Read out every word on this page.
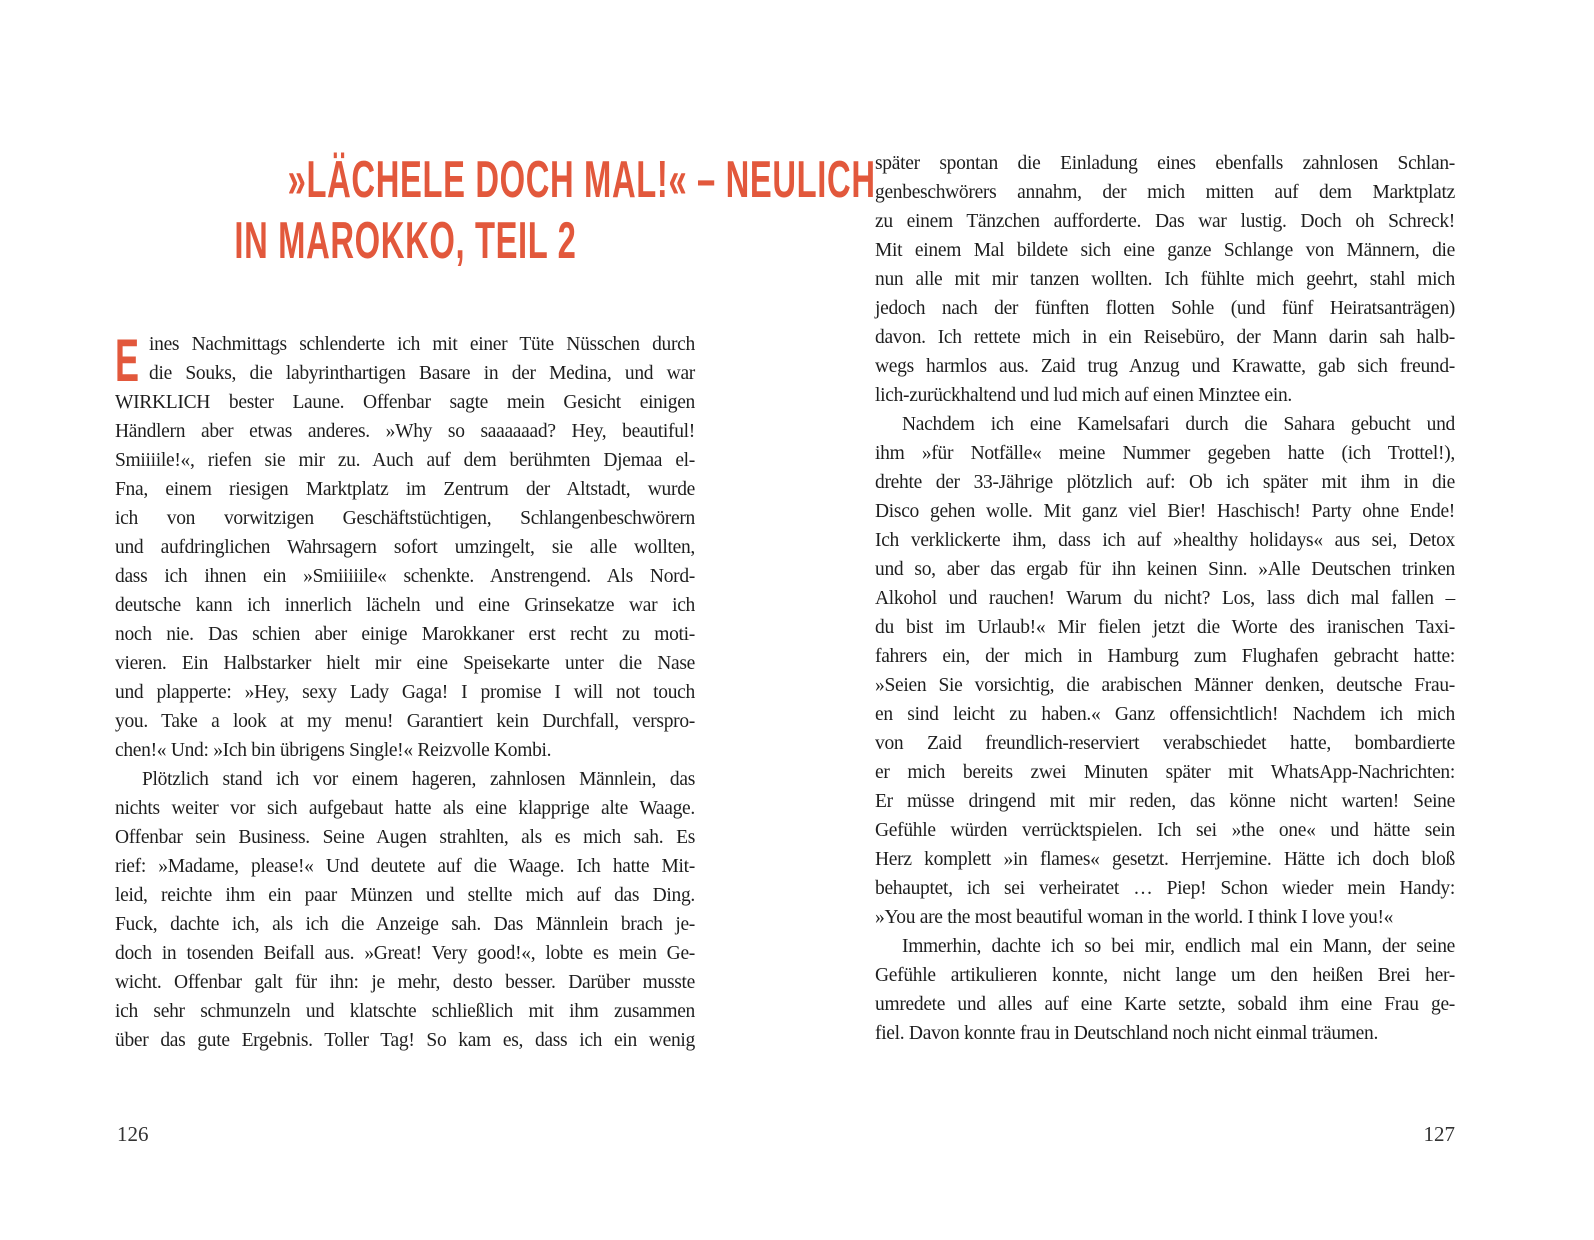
»LÄCHELE DOCH MAL!« – NEULICH
IN MAROKKO, TEIL 2
E ines Nachmittags schlenderte ich mit einer Tüte Nüsschen durch
die Souks, die labyrinthartigen Basare in der Medina, und war
WIRKLICH bester Laune. Offenbar sagte mein Gesicht einigen
Händlern aber etwas anderes. »Why so saaaaaad? Hey, beautiful!
Smiiiile!«, riefen sie mir zu. Auch auf dem berühmten Djemaa el-
Fna, einem riesigen Marktplatz im Zentrum der Altstadt, wurde
ich von vorwitzigen Geschäftstüchtigen, Schlangenbeschwörern
und aufdringlichen Wahrsagern sofort umzingelt, sie alle wollten,
dass ich ihnen ein »Smiiiiile« schenkte. Anstrengend. Als Nord-
deutsche kann ich innerlich lächeln und eine Grinsekatze war ich
noch nie. Das schien aber einige Marokkaner erst recht zu moti-
vieren. Ein Halbstarker hielt mir eine Speisekarte unter die Nase
und plapperte: »Hey, sexy Lady Gaga! I promise I will not touch
you. Take a look at my menu! Garantiert kein Durchfall, verspro-
chen!« Und: »Ich bin übrigens Single!« Reizvolle Kombi.
Plötzlich stand ich vor einem hageren, zahnlosen Männlein, das
nichts weiter vor sich aufgebaut hatte als eine klapprige alte Waage.
Offenbar sein Business. Seine Augen strahlten, als es mich sah. Es
rief: »Madame, please!« Und deutete auf die Waage. Ich hatte Mit-
leid, reichte ihm ein paar Münzen und stellte mich auf das Ding.
Fuck, dachte ich, als ich die Anzeige sah. Das Männlein brach je-
doch in tosenden Beifall aus. »Great! Very good!«, lobte es mein Ge-
wicht. Offenbar galt für ihn: je mehr, desto besser. Darüber musste
ich sehr schmunzeln und klatschte schließlich mit ihm zusammen
über das gute Ergebnis. Toller Tag! So kam es, dass ich ein wenig
126
später spontan die Einladung eines ebenfalls zahnlosen Schlan-
genbeschwörers annahm, der mich mitten auf dem Marktplatz
zu einem Tänzchen aufforderte. Das war lustig. Doch oh Schreck!
Mit einem Mal bildete sich eine ganze Schlange von Männern, die
nun alle mit mir tanzen wollten. Ich fühlte mich geehrt, stahl mich
jedoch nach der fünften flotten Sohle (und fünf Heiratsanträgen)
davon. Ich rettete mich in ein Reisebüro, der Mann darin sah halb-
wegs harmlos aus. Zaid trug Anzug und Krawatte, gab sich freund-
lich-zurückhaltend und lud mich auf einen Minztee ein.
Nachdem ich eine Kamelsafari durch die Sahara gebucht und
ihm »für Notfälle« meine Nummer gegeben hatte (ich Trottel!),
drehte der 33-Jährige plötzlich auf: Ob ich später mit ihm in die
Disco gehen wolle. Mit ganz viel Bier! Haschisch! Party ohne Ende!
Ich verklickerte ihm, dass ich auf »healthy holidays« aus sei, Detox
und so, aber das ergab für ihn keinen Sinn. »Alle Deutschen trinken
Alkohol und rauchen! Warum du nicht? Los, lass dich mal fallen –
du bist im Urlaub!« Mir fielen jetzt die Worte des iranischen Taxi-
fahrers ein, der mich in Hamburg zum Flughafen gebracht hatte:
»Seien Sie vorsichtig, die arabischen Männer denken, deutsche Frau-
en sind leicht zu haben.« Ganz offensichtlich! Nachdem ich mich
von Zaid freundlich-reserviert verabschiedet hatte, bombardierte
er mich bereits zwei Minuten später mit WhatsApp-Nachrichten:
Er müsse dringend mit mir reden, das könne nicht warten! Seine
Gefühle würden verrücktspielen. Ich sei »the one« und hätte sein
Herz komplett »in flames« gesetzt. Herrjemine. Hätte ich doch bloß
behauptet, ich sei verheiratet … Piep! Schon wieder mein Handy:
»You are the most beautiful woman in the world. I think I love you!«
Immerhin, dachte ich so bei mir, endlich mal ein Mann, der seine
Gefühle artikulieren konnte, nicht lange um den heißen Brei her-
umredete und alles auf eine Karte setzte, sobald ihm eine Frau ge-
fiel. Davon konnte frau in Deutschland noch nicht einmal träumen.
127
